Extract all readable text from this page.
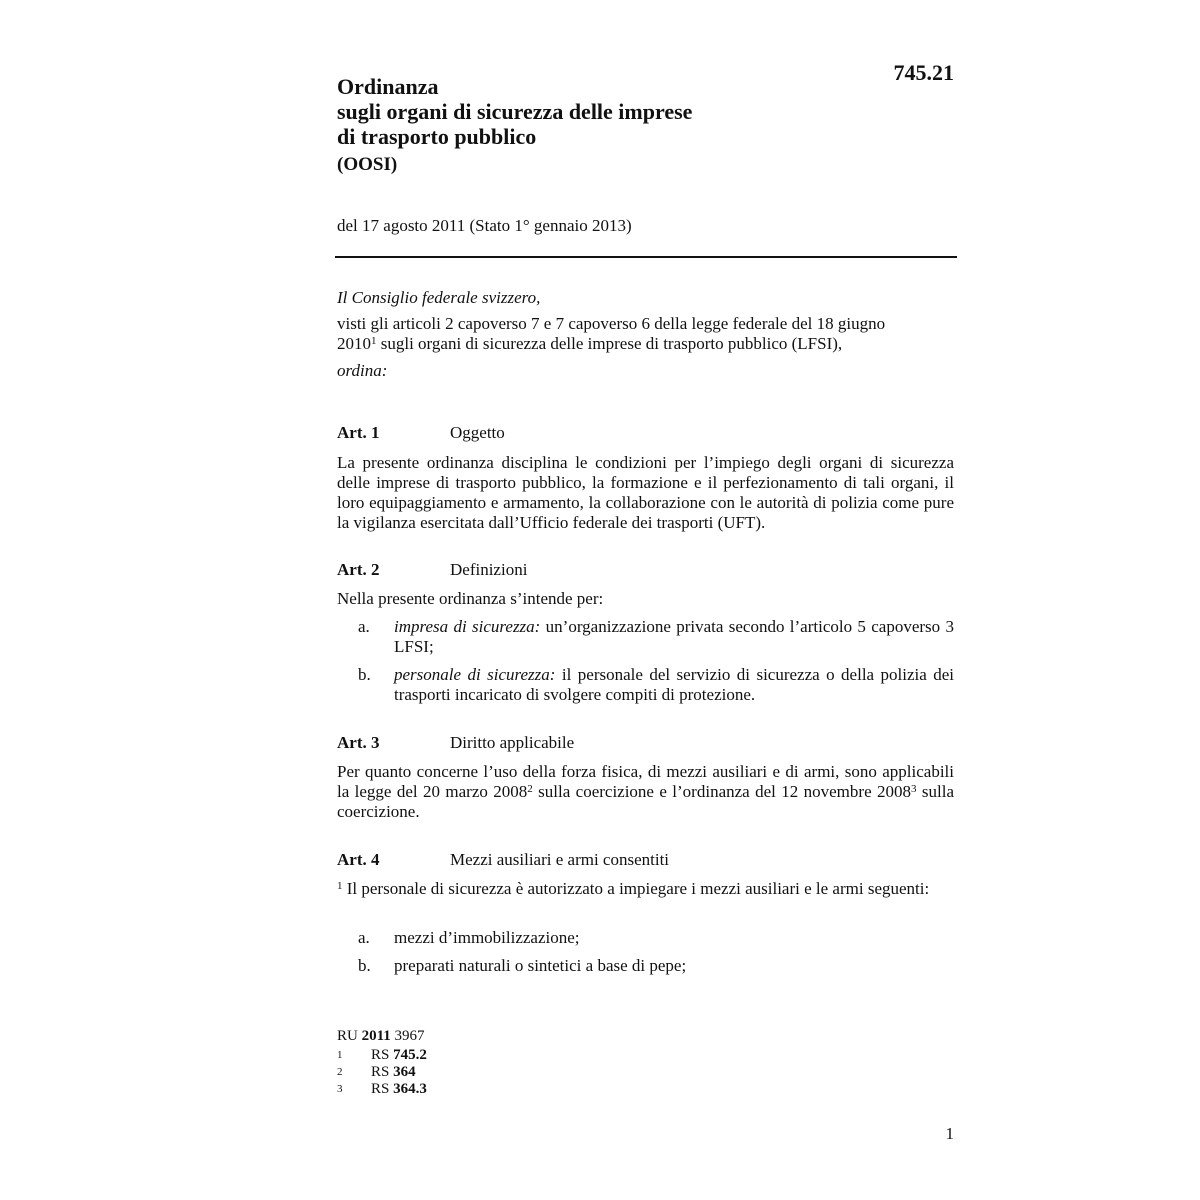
745.21
Ordinanza
sugli organi di sicurezza delle imprese
di trasporto pubblico
(OOSI)
del 17 agosto 2011 (Stato 1° gennaio 2013)
Il Consiglio federale svizzero,
visti gli articoli 2 capoverso 7 e 7 capoverso 6 della legge federale del 18 giugno
2010$^1$ sugli organi di sicurezza delle imprese di trasporto pubblico (LFSI),
ordina:
Art. 1	Oggetto
La presente ordinanza disciplina le condizioni per l’impiego degli organi di sicurezza delle imprese di trasporto pubblico, la formazione e il perfezionamento di tali organi, il loro equipaggiamento e armamento, la collaborazione con le autorità di polizia come pure la vigilanza esercitata dall’Ufficio federale dei trasporti (UFT).
Art. 2	Definizioni
Nella presente ordinanza s’intende per:
a. impresa di sicurezza: un’organizzazione privata secondo l’articolo 5 capoverso 3 LFSI;
b. personale di sicurezza: il personale del servizio di sicurezza o della polizia dei trasporti incaricato di svolgere compiti di protezione.
Art. 3	Diritto applicabile
Per quanto concerne l’uso della forza fisica, di mezzi ausiliari e di armi, sono applicabili la legge del 20 marzo 2008$^2$ sulla coercizione e l’ordinanza del 12 novembre 2008$^3$ sulla coercizione.
Art. 4	Mezzi ausiliari e armi consentiti
$^1$ Il personale di sicurezza è autorizzato a impiegare i mezzi ausiliari e le armi seguenti:
a. mezzi d’immobilizzazione;
b. preparati naturali o sintetici a base di pepe;
RU 2011 3967
1 RS 745.2
2 RS 364
3 RS 364.3
1
